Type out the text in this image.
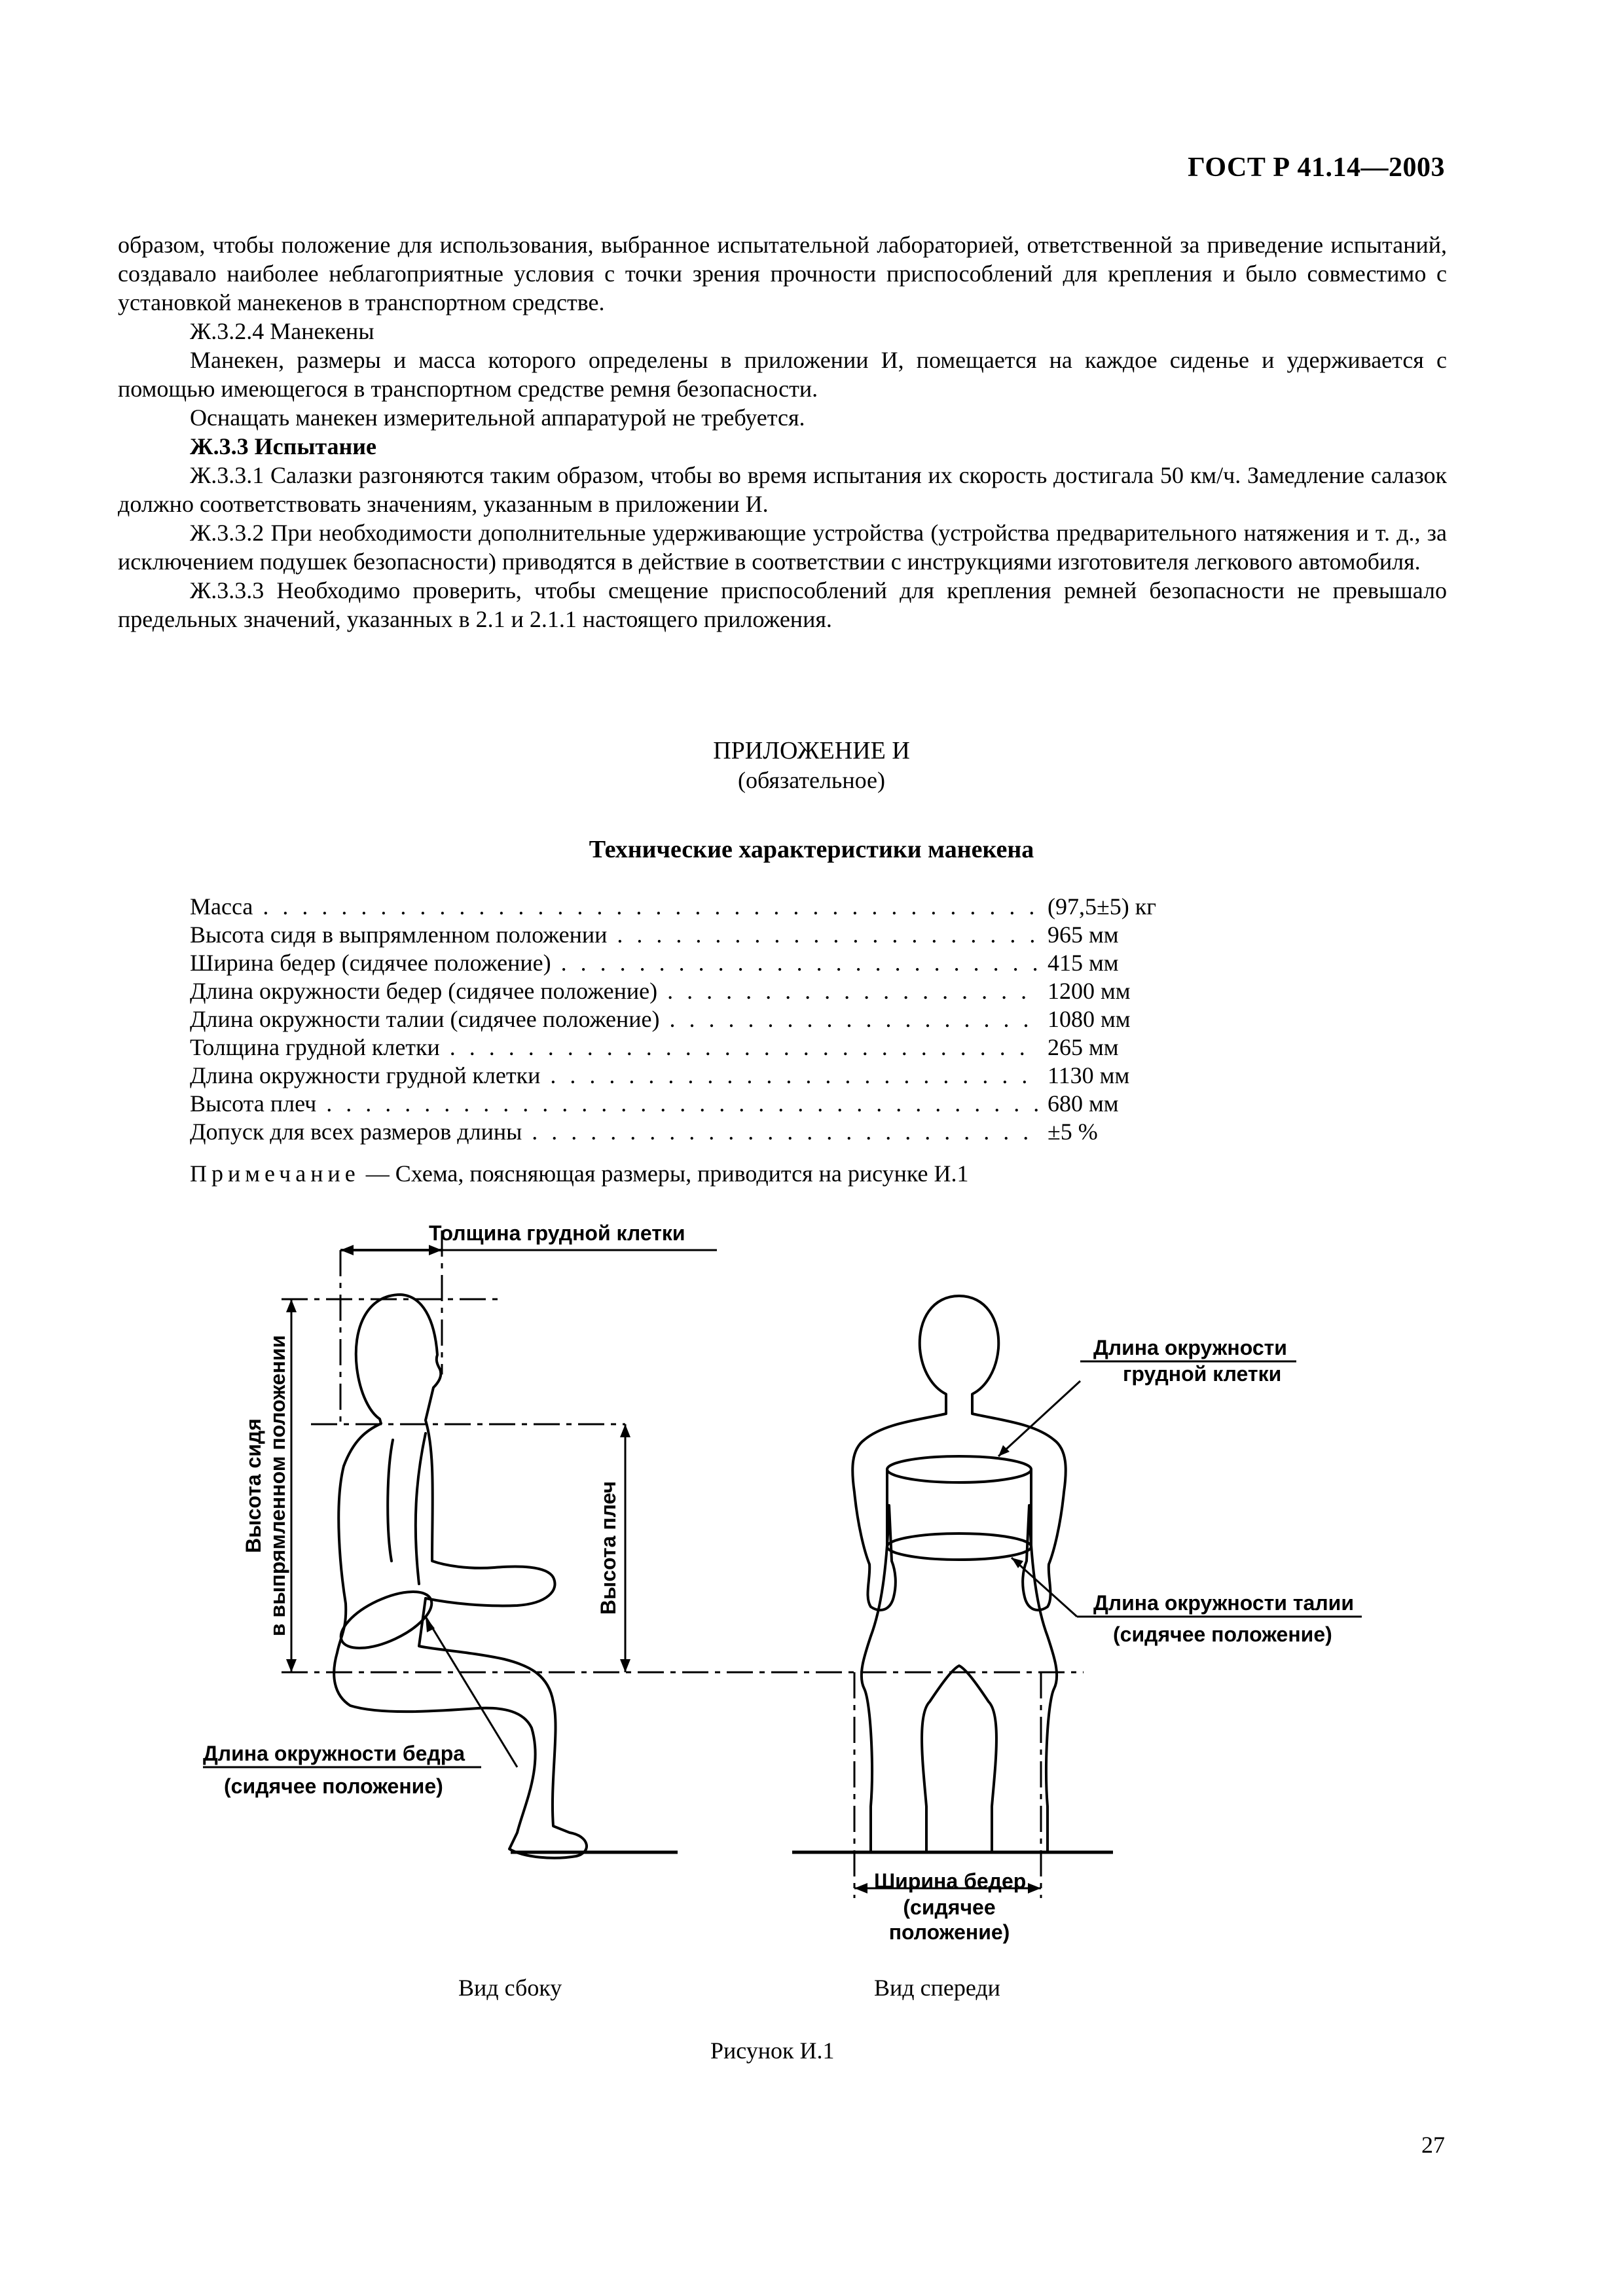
ГОСТ Р 41.14—2003

образом, чтобы положение для использования, выбранное испытательной лабораторией, ответственной за приведение испытаний, создавало наиболее неблагоприятные условия с точки зрения прочности приспособлений для крепления и было совместимо с установкой манекенов в транспортном средстве.

Ж.3.2.4 Манекены

Манекен, размеры и масса которого определены в приложении И, помещается на каждое сиденье и удерживается с помощью имеющегося в транспортном средстве ремня безопасности.

Оснащать манекен измерительной аппаратурой не требуется.

Ж.3.3 Испытание

Ж.3.3.1 Салазки разгоняются таким образом, чтобы во время испытания их скорость достигала 50 км/ч. Замедление салазок должно соответствовать значениям, указанным в приложении И.

Ж.3.3.2 При необходимости дополнительные удерживающие устройства (устройства предварительного натяжения и т. д., за исключением подушек безопасности) приводятся в действие в соответствии с инструкциями изготовителя легкового автомобиля.

Ж.3.3.3 Необходимо проверить, чтобы смещение приспособлений для крепления ремней безопасности не превышало предельных значений, указанных в 2.1 и 2.1.1 настоящего приложения.

ПРИЛОЖЕНИЕ И
(обязательное)
Технические характеристики манекена
Масса . . .	(97,5±5) кг
Высота сидя в выпрямленном положении . . .	965 мм
Ширина бедер (сидячее положение) . . .	415 мм
Длина окружности бедер (сидячее положение) . . .	1200 мм
Длина окружности талии (сидячее положение) . . .	1080 мм
Толщина грудной клетки . . .	265 мм
Длина окружности грудной клетки . . .	1130 мм
Высота плеч . . .	680 мм
Допуск для всех размеров длины . . .	±5 %
Примечание — Схема, поясняющая размеры, приводится на рисунке И.1
Толщина грудной клетки
Высота сидя в выпрямленном положении	Высота плеч
Длина окружности бедра
(сидячее положение)
Длина окружности
грудной клетки
Длина окружности талии
(сидячее положение)
Ширина бедер
(сидячее
положение)
Вид сбоку	Вид спереди
Рисунок И.1
27
